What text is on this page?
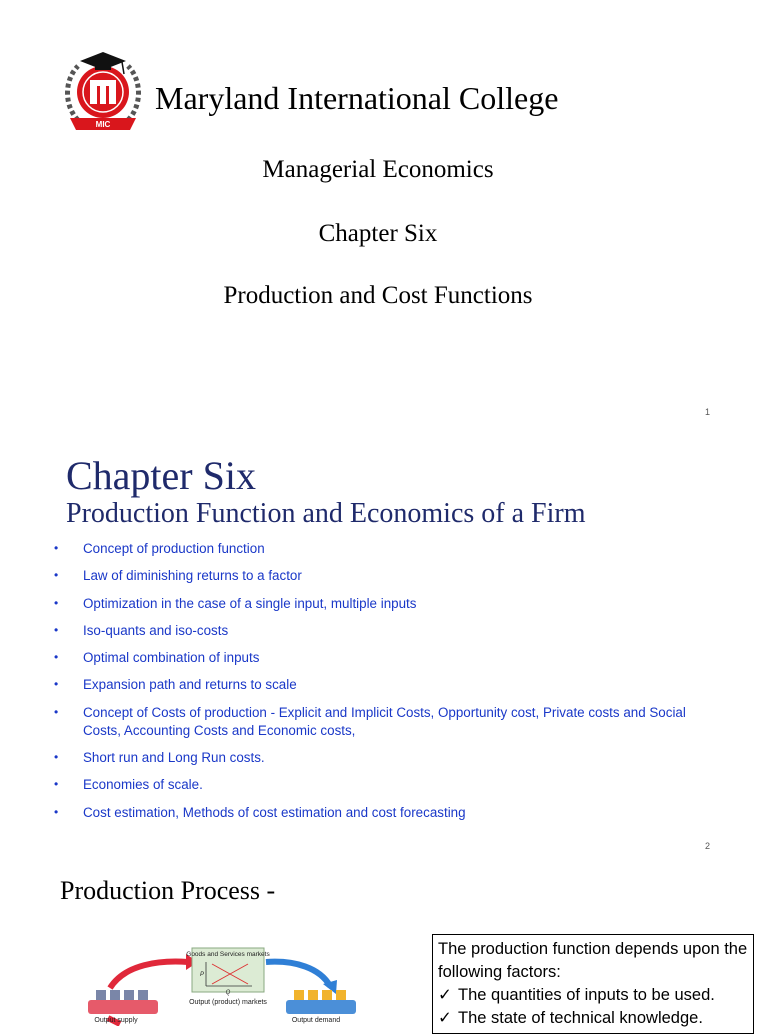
MIC
Maryland International College
Managerial Economics
Chapter Six
Production and Cost Functions
1
Chapter Six
Production Function and Economics of a Firm
• Concept of production function
• Law of diminishing returns to a factor
• Optimization in the case of a single input, multiple inputs
• Iso-quants and iso-costs
• Optimal combination of inputs
• Expansion path and returns to scale
• Concept of Costs of production - Explicit and Implicit Costs, Opportunity cost, Private costs and Social Costs, Accounting Costs and Economic costs,
• Short run and Long Run costs.
• Economies of scale.
• Cost estimation, Methods of cost estimation and cost forecasting
2
Production Process -
Output supply	Output demand
Goods and Services markets
P
Q
Output (product) markets
The production function depends upon the following factors:
✓ The quantities of inputs to be used.
✓ The state of technical knowledge.
